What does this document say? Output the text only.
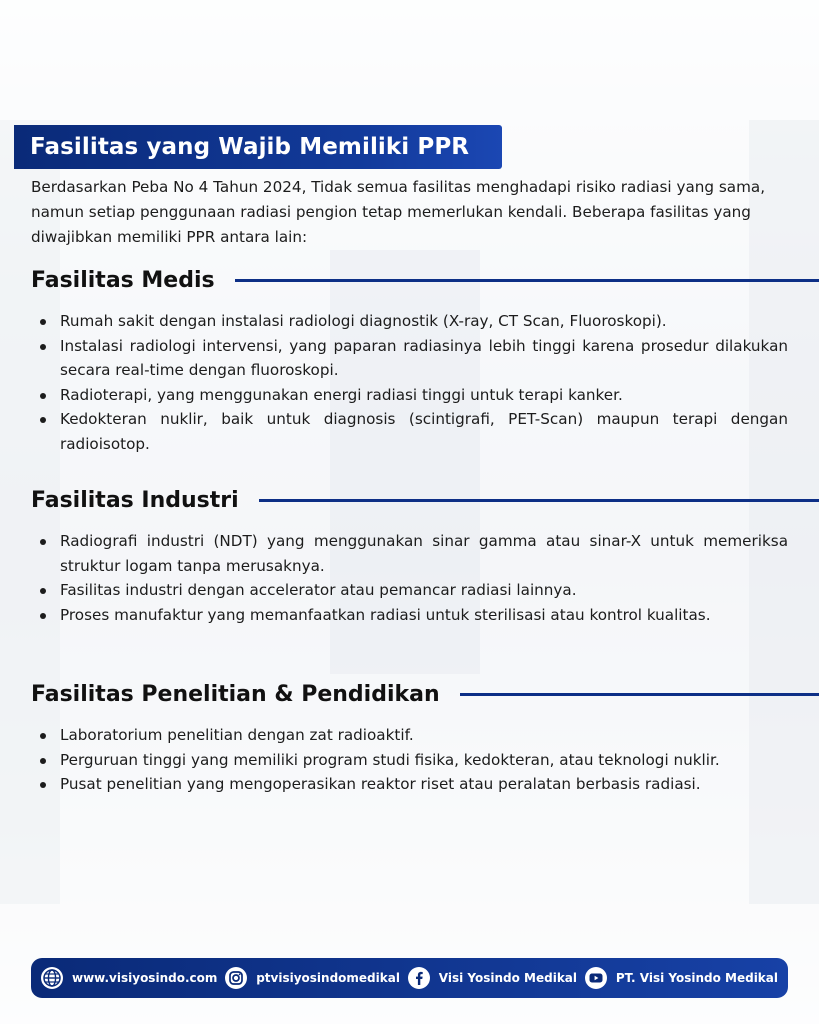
Fasilitas yang Wajib Memiliki PPR

Berdasarkan Peba No 4 Tahun 2024, Tidak semua fasilitas menghadapi risiko radiasi yang sama, namun setiap penggunaan radiasi pengion tetap memerlukan kendali. Beberapa fasilitas yang diwajibkan memiliki PPR antara lain:

Fasilitas Medis
Rumah sakit dengan instalasi radiologi diagnostik (X-ray, CT Scan, Fluoroskopi).
Instalasi radiologi intervensi, yang paparan radiasinya lebih tinggi karena prosedur dilakukan secara real-time dengan fluoroskopi.
Radioterapi, yang menggunakan energi radiasi tinggi untuk terapi kanker.
Kedokteran nuklir, baik untuk diagnosis (scintigrafi, PET-Scan) maupun terapi dengan radioisotop.
Fasilitas Industri
Radiografi industri (NDT) yang menggunakan sinar gamma atau sinar-X untuk memeriksa struktur logam tanpa merusaknya.
Fasilitas industri dengan accelerator atau pemancar radiasi lainnya.
Proses manufaktur yang memanfaatkan radiasi untuk sterilisasi atau kontrol kualitas.
Fasilitas Penelitian & Pendidikan
Laboratorium penelitian dengan zat radioaktif.
Perguruan tinggi yang memiliki program studi fisika, kedokteran, atau teknologi nuklir.
Pusat penelitian yang mengoperasikan reaktor riset atau peralatan berbasis radiasi.
www.visiyosindo.com	ptvisiyosindomedikal	Visi Yosindo Medikal	PT. Visi Yosindo Medikal
